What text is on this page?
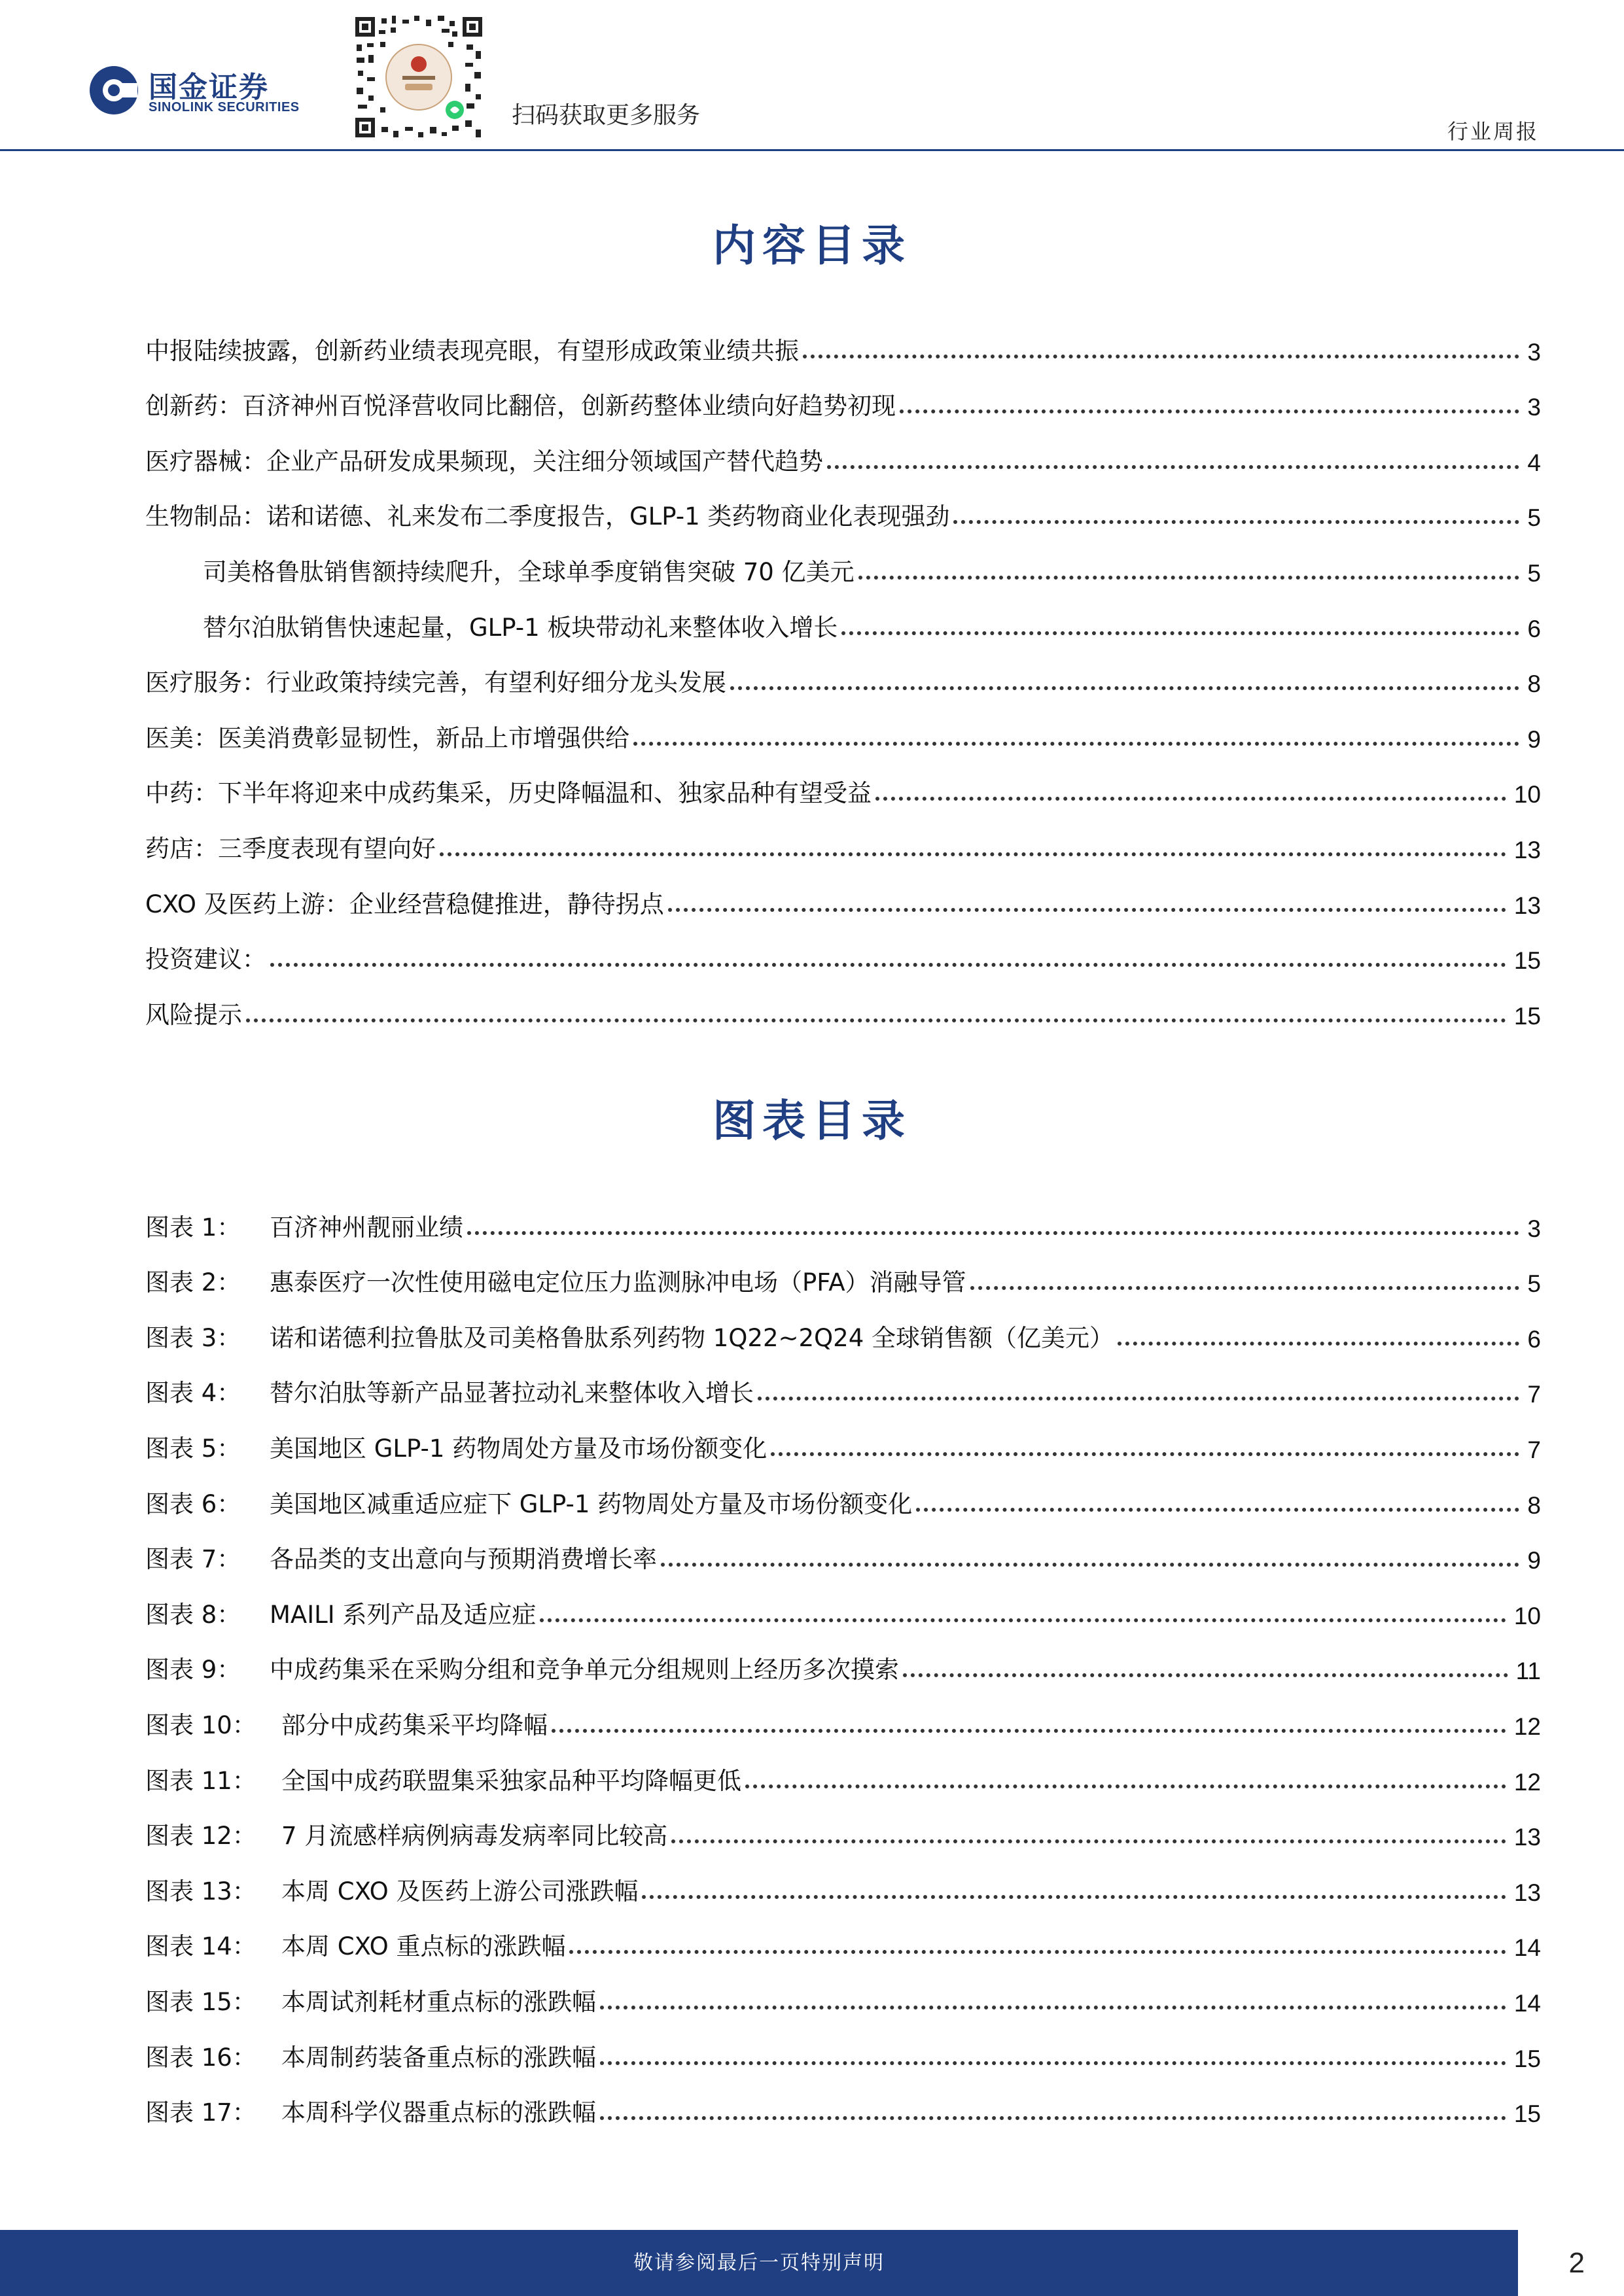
国金证券
SINOLINK SECURITIES	扫码获取更多服务
行业周报
内容目录
中报陆续披露，创新药业绩表现亮眼，有望形成政策业绩共振	3
创新药：百济神州百悦泽营收同比翻倍，创新药整体业绩向好趋势初现	3
医疗器械：企业产品研发成果频现，关注细分领域国产替代趋势	4
生物制品：诺和诺德、礼来发布二季度报告，GLP-1 类药物商业化表现强劲	5
司美格鲁肽销售额持续爬升，全球单季度销售突破 70 亿美元	5
替尔泊肽销售快速起量，GLP-1 板块带动礼来整体收入增长	6
医疗服务：行业政策持续完善，有望利好细分龙头发展	8
医美：医美消费彰显韧性，新品上市增强供给	9
中药：下半年将迎来中成药集采，历史降幅温和、独家品种有望受益	10
药店：三季度表现有望向好	13
CXO 及医药上游：企业经营稳健推进，静待拐点	13
投资建议：	15
风险提示	15
图表目录
图表 1：	百济神州靓丽业绩	3
图表 2：	惠泰医疗一次性使用磁电定位压力监测脉冲电场（PFA）消融导管	5
图表 3：	诺和诺德利拉鲁肽及司美格鲁肽系列药物 1Q22~2Q24 全球销售额（亿美元）	6
图表 4：	替尔泊肽等新产品显著拉动礼来整体收入增长	7
图表 5：	美国地区 GLP-1 药物周处方量及市场份额变化	7
图表 6：	美国地区减重适应症下 GLP-1 药物周处方量及市场份额变化	8
图表 7：	各品类的支出意向与预期消费增长率	9
图表 8：	MAILI 系列产品及适应症	10
图表 9：	中成药集采在采购分组和竞争单元分组规则上经历多次摸索	11
图表 10：	部分中成药集采平均降幅	12
图表 11：	全国中成药联盟集采独家品种平均降幅更低	12
图表 12：	7 月流感样病例病毒发病率同比较高	13
图表 13：	本周 CXO 及医药上游公司涨跌幅	13
图表 14：	本周 CXO 重点标的涨跌幅	14
图表 15：	本周试剂耗材重点标的涨跌幅	14
图表 16：	本周制药装备重点标的涨跌幅	15
图表 17：	本周科学仪器重点标的涨跌幅	15
敬请参阅最后一页特别声明	2
